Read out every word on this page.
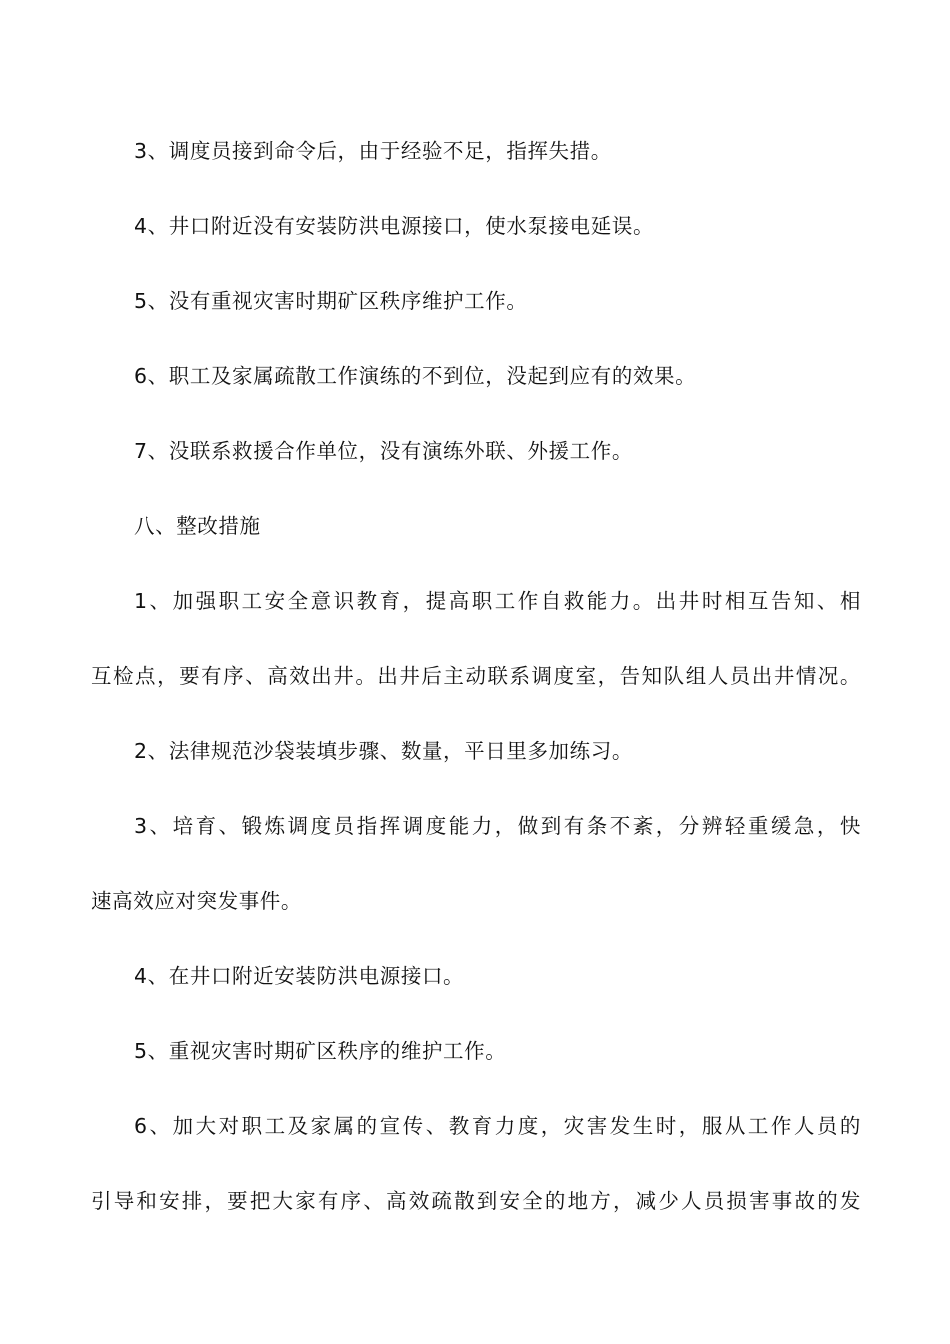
3、调度员接到命令后，由于经验不足，指挥失措。
4、井口附近没有安装防洪电源接口，使水泵接电延误。
5、没有重视灾害时期矿区秩序维护工作。
6、职工及家属疏散工作演练的不到位，没起到应有的效果。
7、没联系救援合作单位，没有演练外联、外援工作。
八、整改措施
1、加强职工安全意识教育，提高职工作自救能力。出井时相互告知、相
互检点，要有序、高效出井。出井后主动联系调度室，告知队组人员出井情况。
2、法律规范沙袋装填步骤、数量，平日里多加练习。
3、培育、锻炼调度员指挥调度能力，做到有条不紊，分辨轻重缓急，快
速高效应对突发事件。
4、在井口附近安装防洪电源接口。
5、重视灾害时期矿区秩序的维护工作。
6、加大对职工及家属的宣传、教育力度，灾害发生时，服从工作人员的
引导和安排，要把大家有序、高效疏散到安全的地方，减少人员损害事故的发
